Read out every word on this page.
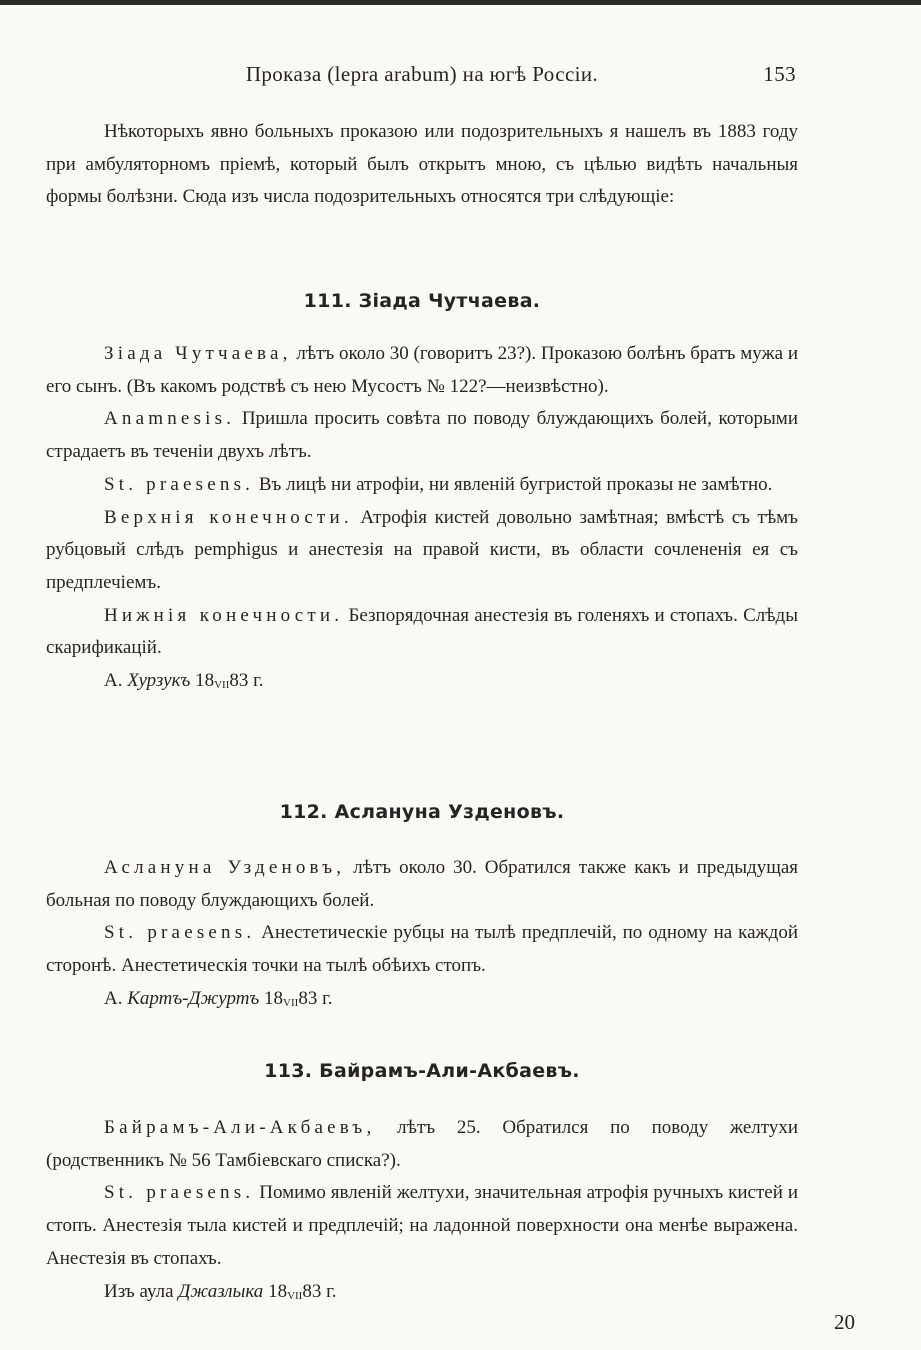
Проказа (lepra arabum) на югѣ Россіи.	153

Нѣкоторыхъ явно больныхъ проказою или подозрительныхъ я нашелъ въ 1883 году при амбуляторномъ пріемѣ, который былъ открытъ мною, съ цѣлью видѣть начальныя формы болѣзни. Сюда изъ числа подозрительныхъ относятся три слѣдующіе:

111. Зіада Чутчаева.

Зіада Чутчаева, лѣтъ около 30 (говоритъ 23?). Проказою болѣнъ братъ мужа и его сынъ. (Въ какомъ родствѣ съ нею Мусостъ № 122?—неизвѣстно).

Anamnesis. Пришла просить совѣта по поводу блуждающихъ болей, которыми страдаетъ въ теченіи двухъ лѣтъ.

St. praesens. Въ лицѣ ни атрофіи, ни явленій бугристой проказы не замѣтно.

Верхнія конечности. Атрофія кистей довольно замѣтная; вмѣстѣ съ тѣмъ рубцовый слѣдъ pemphigus и анестезія на правой кисти, въ области сочлененія ея съ предплечіемъ.

Нижнія конечности. Безпорядочная анестезія въ голеняхъ и стопахъ. Слѣды скарификацій.

А. Хурзукъ 18VII83 г.

112. Аслануна Узденовъ.

Аслануна Узденовъ, лѣтъ около 30. Обратился также какъ и предыдущая больная по поводу блуждающихъ болей.

St. praesens. Анестетическіе рубцы на тылѣ предплечій, по одному на каждой сторонѣ. Анестетическія точки на тылѣ обѣихъ стопъ.

А. Картъ-Джуртъ 18VII83 г.

113. Байрамъ-Али-Акбаевъ.

Байрамъ-Али-Акбаевъ, лѣтъ 25. Обратился по поводу желтухи (родственникъ № 56 Тамбіевскаго списка?).

St. praesens. Помимо явленій желтухи, значительная атрофія ручныхъ кистей и стопъ. Анестезія тыла кистей и предплечій; на ладонной поверхности она менѣе выражена. Анестезія въ стопахъ.

Изъ аула Джазлыка 18VII83 г.

20
